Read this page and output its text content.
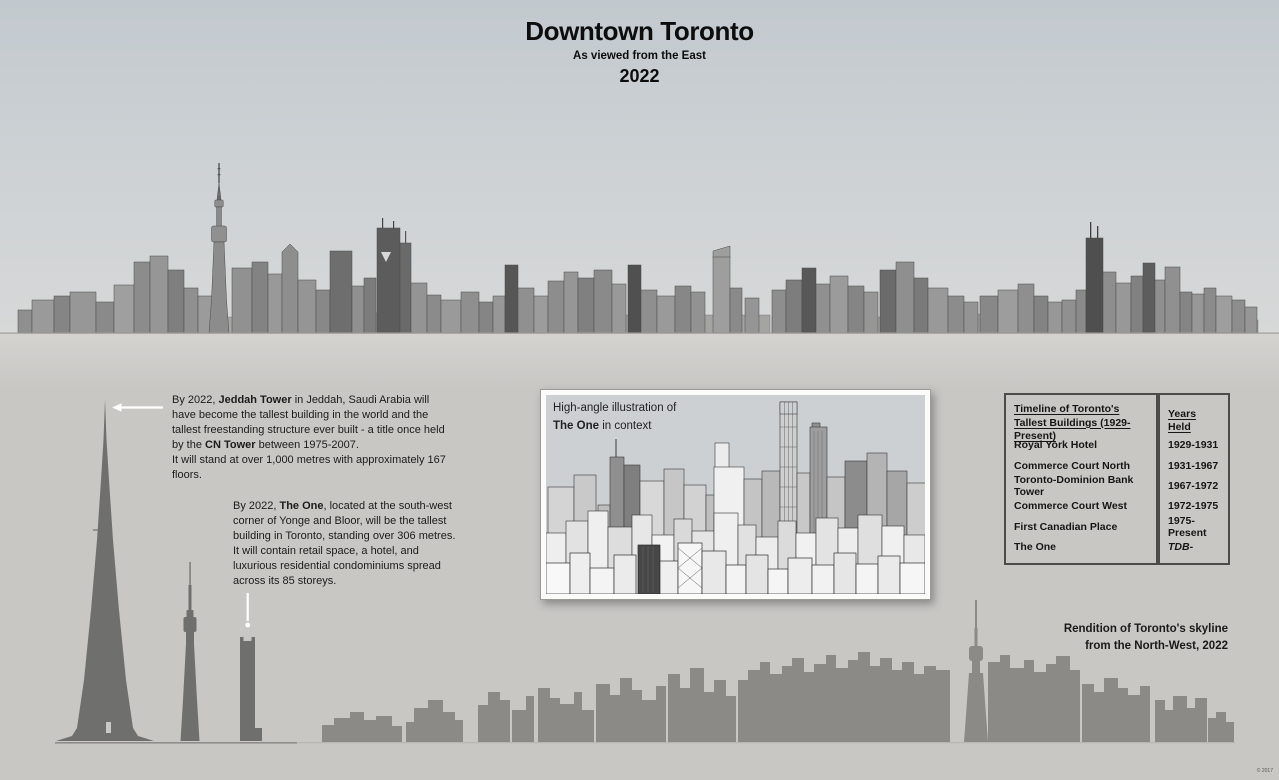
Downtown Toronto
As viewed from the East
2022
By 2022, Jeddah Tower in Jeddah, Saudi Arabia will have become the tallest building in the world and the tallest freestanding structure ever built - a title once held by the CN Tower between 1975-2007.
It will stand at over 1,000 metres with approximately 167 floors.
By 2022, The One, located at the south-west corner of Yonge and Bloor, will be the tallest building in Toronto, standing over 306 metres.
It will contain retail space, a hotel, and luxurious residential condominiums spread across its 85 storeys.
High-angle illustration of
The One in context
Timeline of Toronto's Tallest Buildings (1929-Present)
Royal York Hotel
Commerce Court North
Toronto-Dominion Bank Tower
Commerce Court West
First Canadian Place
The One
Years Held
1929-1931
1931-1967
1967-1972
1972-1975
1975-Present
TDB-
Rendition of Toronto's skyline
from the North-West, 2022
© 2017
